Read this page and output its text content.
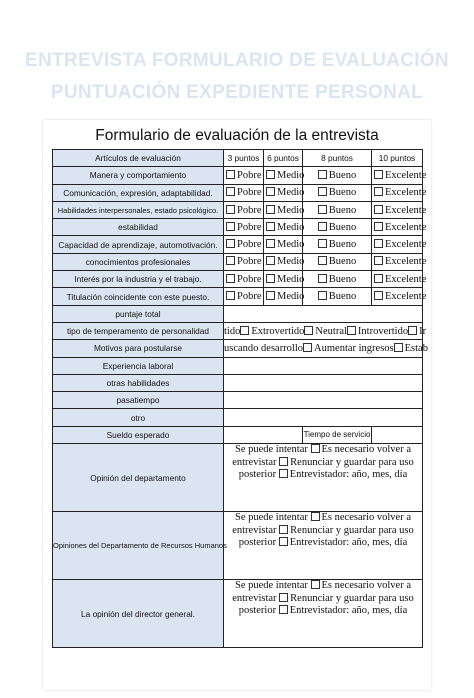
ENTREVISTA FORMULARIO DE EVALUACIÓN
PUNTUACIÓN EXPEDIENTE PERSONAL
Formulario de evaluación de la entrevista
Artículos de evaluación	3 puntos	6 puntos	8 puntos	10 puntos
Manera y comportamiento	Pobre	Medio	Bueno	Excelente
Comunicación, expresión, adaptabilidad.	Pobre	Medio	Bueno	Excelente
Habilidades interpersonales, estado psicológico.	Pobre	Medio	Bueno	Excelente
estabilidad	Pobre	Medio	Bueno	Excelente
Capacidad de aprendizaje, automotivación.	Pobre	Medio	Bueno	Excelente
conocimientos profesionales	Pobre	Medio	Bueno	Excelente
Interés por la industria y el trabajo.	Pobre	Medio	Bueno	Excelente
Titulación coincidente con este puesto.	Pobre	Medio	Bueno	Excelente
puntaje total				
tipo de temperamento de personalidad	tidoExtrovertido Neutral Introvertido Ir			
Motivos para postularse	uscando desarrolloAumentar ingresos Estab			
Experiencia laboral				
otras habilidades				
pasatiempo				
otro				
Sueldo esperado			Tiempo de servicio	
Opinión del departamento	Se puede intentar Es necesario volver a entrevistar Renunciar y guardar para uso posterior Entrevistador: año, mes, día			
Opiniones del Departamento de Recursos Humanos	Se puede intentar Es necesario volver a entrevistar Renunciar y guardar para uso posterior Entrevistador: año, mes, día			
La opinión del director general.	Se puede intentar Es necesario volver a entrevistar Renunciar y guardar para uso posterior Entrevistador: año, mes, día			
